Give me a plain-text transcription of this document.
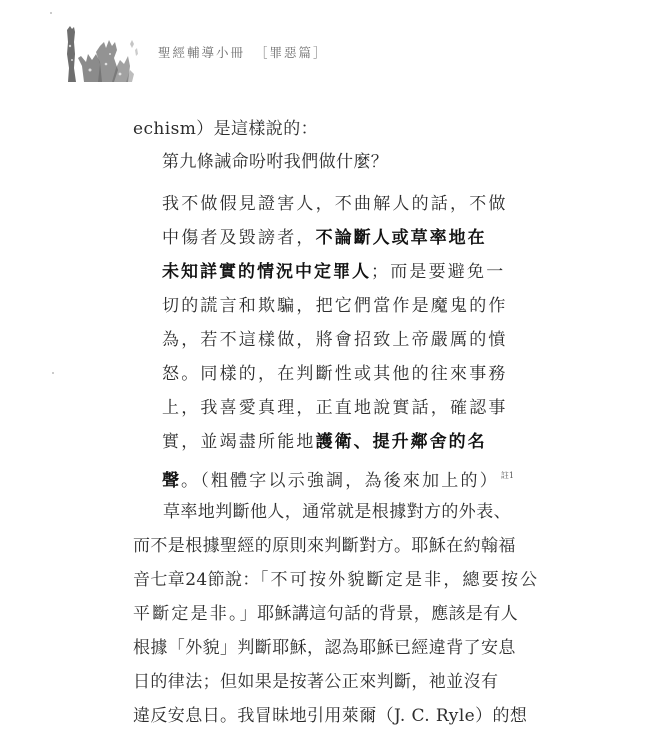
聖經輔導小冊 ［罪惡篇］
echism）是這樣說的：
第九條誡命吩咐我們做什麼？
我不做假見證害人，不曲解人的話，不做
中傷者及毀謗者，不論斷人或草率地在
未知詳實的情況中定罪人；而是要避免一
切的謊言和欺騙，把它們當作是魔鬼的作
為，若不這樣做，將會招致上帝嚴厲的憤
怒。同樣的，在判斷性或其他的往來事務
上，我喜愛真理，正直地說實話，確認事
實，並竭盡所能地護衛、提升鄰舍的名
聲。（粗體字以示強調，為後來加上的） $^{註1}$
草率地判斷他人，通常就是根據對方的外表、
而不是根據聖經的原則來判斷對方。耶穌在約翰福
音七章24節說：「不可按外貌斷定是非，總要按公
平斷定是非。」耶穌講這句話的背景，應該是有人
根據「外貌」判斷耶穌，認為耶穌已經違背了安息
日的律法；但如果是按著公正來判斷，祂並沒有
違反安息日。我冒昧地引用萊爾（J. C. Ryle）的想
